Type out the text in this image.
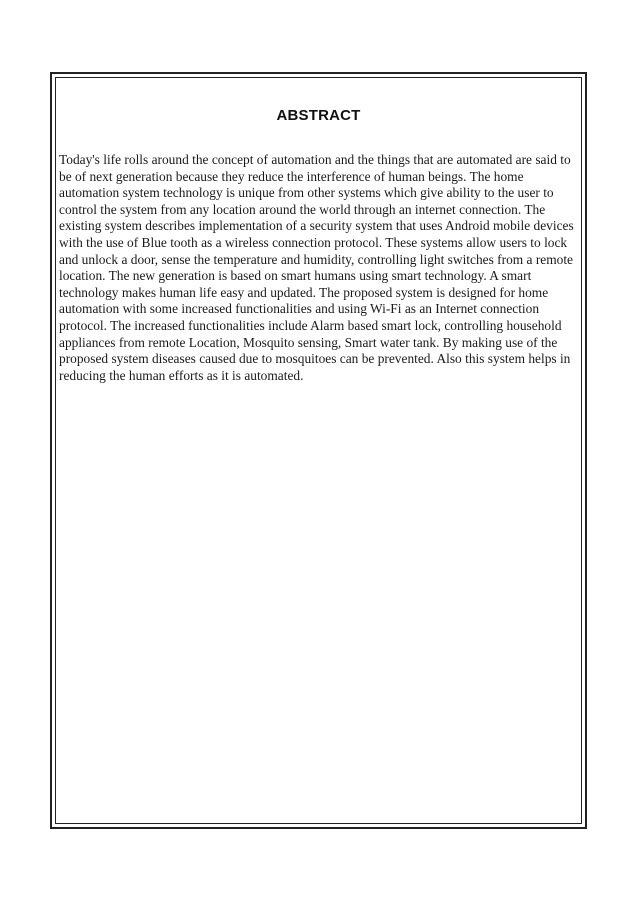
ABSTRACT

Today's life rolls around the concept of automation and the things that are automated are said to be of next generation because they reduce the interference of human beings. The home automation system technology is unique from other systems which give ability to the user to control the system from any location around the world through an internet connection. The existing system describes implementation of a security system that uses Android mobile devices with the use of Blue tooth as a wireless connection protocol. These systems allow users to lock and unlock a door, sense the temperature and humidity, controlling light switches from a remote location. The new generation is based on smart humans using smart technology. A smart technology makes human life easy and updated. The proposed system is designed for home automation with some increased functionalities and using Wi-Fi as an Internet connection protocol. The increased functionalities include Alarm based smart lock, controlling household appliances from remote Location, Mosquito sensing, Smart water tank. By making use of the proposed system diseases caused due to mosquitoes can be prevented. Also this system helps in reducing the human efforts as it is automated.
